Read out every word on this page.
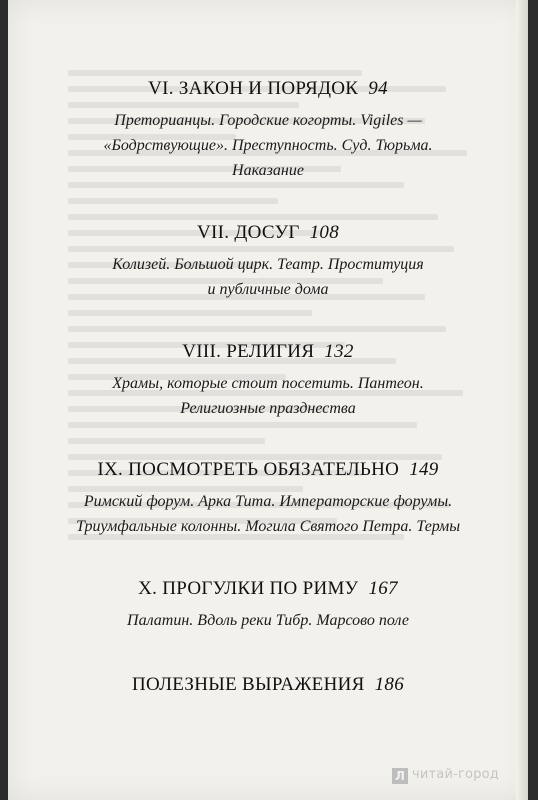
VI. ЗАКОН И ПОРЯДОК 94
Преторианцы. Городские когорты. Vigiles —
«Бодрствующие». Преступность. Суд. Тюрьма.
Наказание
VII. ДОСУГ 108
Колизей. Большой цирк. Театр. Проституция
и публичные дома
VIII. РЕЛИГИЯ 132
Храмы, которые стоит посетить. Пантеон.
Религиозные празднества
IX. ПОСМОТРЕТЬ ОБЯЗАТЕЛЬНО 149
Римский форум. Арка Тита. Императорские форумы.
Триумфальные колонны. Могила Святого Петра. Термы
X. ПРОГУЛКИ ПО РИМУ 167
Палатин. Вдоль реки Тибр. Марсово поле
ПОЛЕЗНЫЕ ВЫРАЖЕНИЯ 186
Л читай-город
